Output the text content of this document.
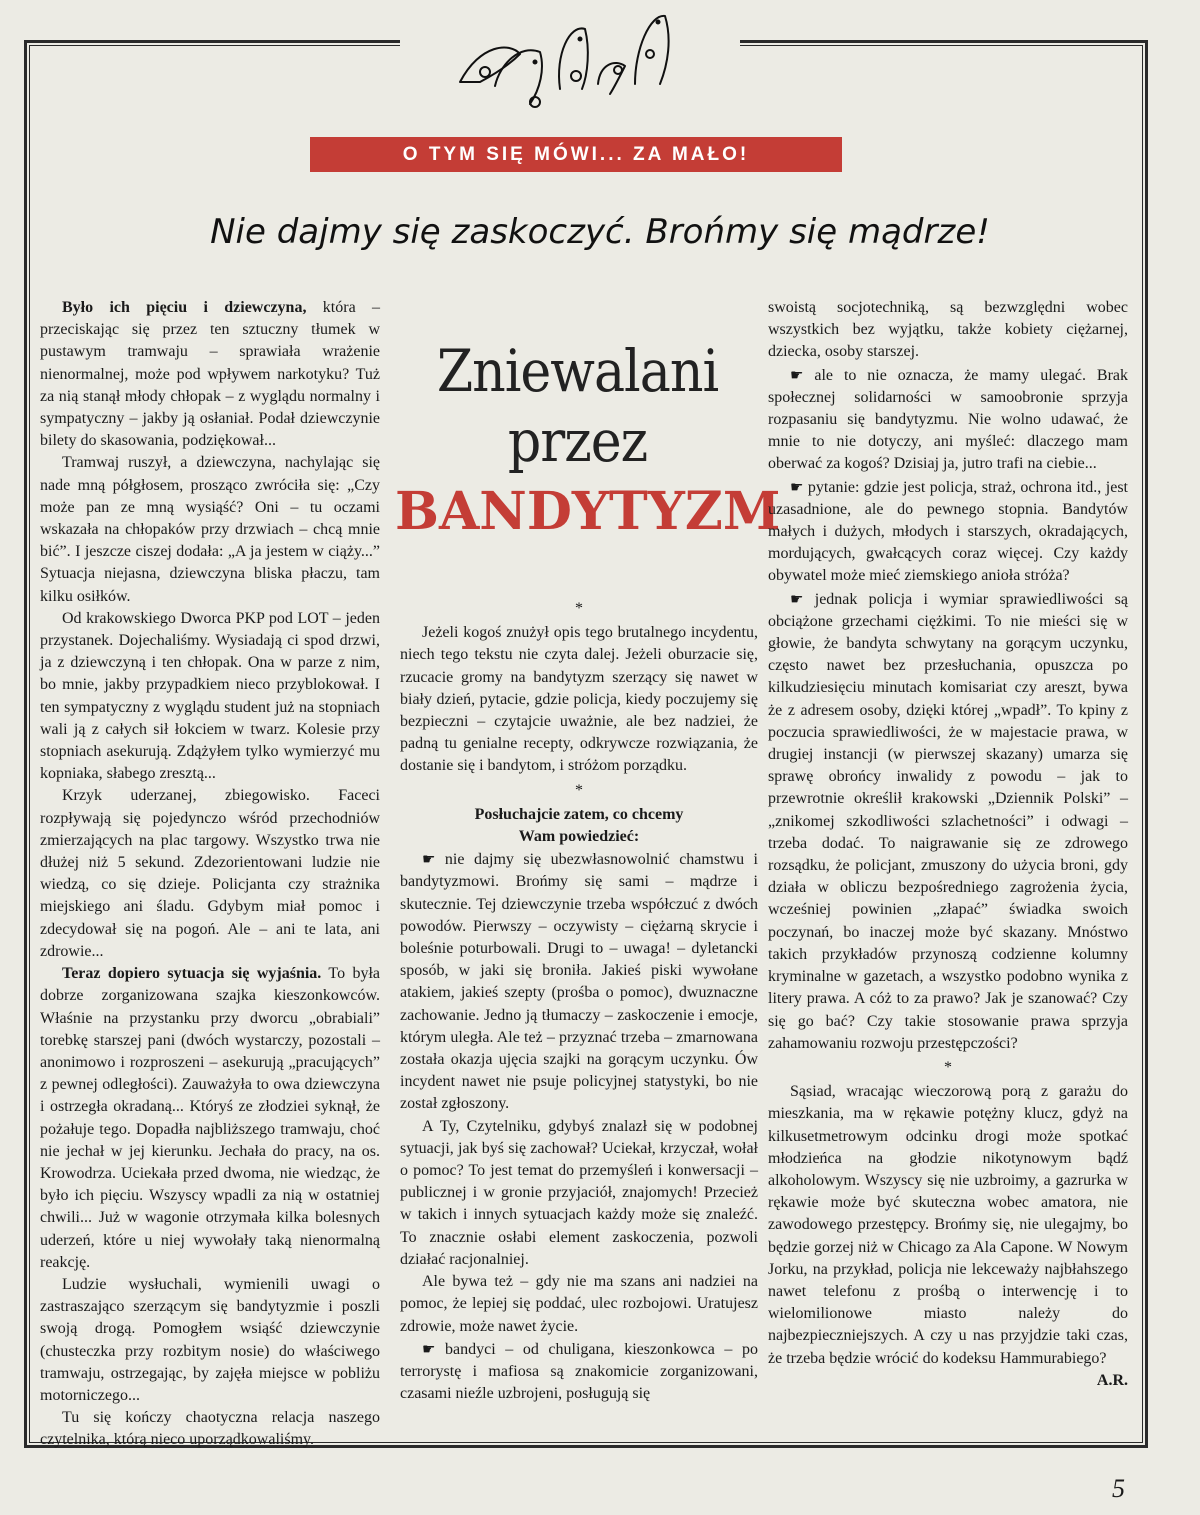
O TYM SIĘ MÓWI... ZA MAŁO!
Nie dajmy się zaskoczyć. Brońmy się mądrze!

Było ich pięciu i dziewczyna, która – przeciskając się przez ten sztuczny tłumek w pustawym tramwaju – sprawiała wrażenie nienormalnej, może pod wpływem narkotyku? Tuż za nią stanął młody chłopak – z wyglądu normalny i sympatyczny – jakby ją osłaniał. Podał dziewczynie bilety do skasowania, podziękował...

Tramwaj ruszył, a dziewczyna, nachylając się nade mną półgłosem, prosząco zwróciła się: „Czy może pan ze mną wysiąść? Oni – tu oczami wskazała na chłopaków przy drzwiach – chcą mnie bić”. I jeszcze ciszej dodała: „A ja jestem w ciąży...” Sytuacja niejasna, dziewczyna bliska płaczu, tam kilku osiłków.

Od krakowskiego Dworca PKP pod LOT – jeden przystanek. Dojechaliśmy. Wysiadają ci spod drzwi, ja z dziewczyną i ten chłopak. Ona w parze z nim, bo mnie, jakby przypadkiem nieco przyblokował. I ten sympatyczny z wyglądu student już na stopniach wali ją z całych sił łokciem w twarz. Kolesie przy stopniach asekurują. Zdążyłem tylko wymierzyć mu kopniaka, słabego zresztą...

Krzyk uderzanej, zbiegowisko. Faceci rozpływają się pojedynczo wśród przechodniów zmierzających na plac targowy. Wszystko trwa nie dłużej niż 5 sekund. Zdezorientowani ludzie nie wiedzą, co się dzieje. Policjanta czy strażnika miejskiego ani śladu. Gdybym miał pomoc i zdecydował się na pogoń. Ale – ani te lata, ani zdrowie...

Teraz dopiero sytuacja się wyjaśnia. To była dobrze zorganizowana szajka kieszonkowców. Właśnie na przystanku przy dworcu „obrabiali” torebkę starszej pani (dwóch wystarczy, pozostali – anonimowo i rozproszeni – asekurują „pracujących” z pewnej odległości). Zauważyła to owa dziewczyna i ostrzegła okradaną... Któryś ze złodziei syknął, że pożałuje tego. Dopadła najbliższego tramwaju, choć nie jechał w jej kierunku. Jechała do pracy, na os. Krowodrza. Uciekała przed dwoma, nie wiedząc, że było ich pięciu. Wszyscy wpadli za nią w ostatniej chwili... Już w wagonie otrzymała kilka bolesnych uderzeń, które u niej wywołały taką nienormalną reakcję.

Ludzie wysłuchali, wymienili uwagi o zastraszająco szerzącym się bandytyzmie i poszli swoją drogą. Pomogłem wsiąść dziewczynie (chusteczka przy rozbitym nosie) do właściwego tramwaju, ostrzegając, by zajęła miejsce w pobliżu motorniczego...

Tu się kończy chaotyczna relacja naszego czytelnika, którą nieco uporządkowaliśmy.

Zniewalani
przez
BANDYTYZM

*

Jeżeli kogoś znużył opis tego brutalnego incydentu, niech tego tekstu nie czyta dalej. Jeżeli oburzacie się, rzucacie gromy na bandytyzm szerzący się nawet w biały dzień, pytacie, gdzie policja, kiedy poczujemy się bezpieczni – czytajcie uważnie, ale bez nadziei, że padną tu genialne recepty, odkrywcze rozwiązania, że dostanie się i bandytom, i stróżom porządku.

*

Posłuchajcie zatem, co chcemy

Wam powiedzieć:

☛ nie dajmy się ubezwłasnowolnić chamstwu i bandytyzmowi. Brońmy się sami – mądrze i skutecznie. Tej dziewczynie trzeba współczuć z dwóch powodów. Pierwszy – oczywisty – ciężarną skrycie i boleśnie poturbowali. Drugi to – uwaga! – dyletancki sposób, w jaki się broniła. Jakieś piski wywołane atakiem, jakieś szepty (prośba o pomoc), dwuznaczne zachowanie. Jedno ją tłumaczy – zaskoczenie i emocje, którym uległa. Ale też – przyznać trzeba – zmarnowana została okazja ujęcia szajki na gorącym uczynku. Ów incydent nawet nie psuje policyjnej statystyki, bo nie został zgłoszony.

A Ty, Czytelniku, gdybyś znalazł się w podobnej sytuacji, jak byś się zachował? Uciekał, krzyczał, wołał o pomoc? To jest temat do przemyśleń i konwersacji – publicznej i w gronie przyjaciół, znajomych! Przecież w takich i innych sytuacjach każdy może się znaleźć. To znacznie osłabi element zaskoczenia, pozwoli działać racjonalniej.

Ale bywa też – gdy nie ma szans ani nadziei na pomoc, że lepiej się poddać, ulec rozbojowi. Uratujesz zdrowie, może nawet życie.

☛ bandyci – od chuligana, kieszonkowca – po terrorystę i mafiosa są znakomicie zorganizowani, czasami nieźle uzbrojeni, posługują się

swoistą socjotechniką, są bezwzględni wobec wszystkich bez wyjątku, także kobiety ciężarnej, dziecka, osoby starszej.

☛ ale to nie oznacza, że mamy ulegać. Brak społecznej solidarności w samoobronie sprzyja rozpasaniu się bandytyzmu. Nie wolno udawać, że mnie to nie dotyczy, ani myśleć: dlaczego mam oberwać za kogoś? Dzisiaj ja, jutro trafi na ciebie...

☛ pytanie: gdzie jest policja, straż, ochrona itd., jest uzasadnione, ale do pewnego stopnia. Bandytów małych i dużych, młodych i starszych, okradających, mordujących, gwałcących coraz więcej. Czy każdy obywatel może mieć ziemskiego anioła stróża?

☛ jednak policja i wymiar sprawiedliwości są obciążone grzechami ciężkimi. To nie mieści się w głowie, że bandyta schwytany na gorącym uczynku, często nawet bez przesłuchania, opuszcza po kilkudziesięciu minutach komisariat czy areszt, bywa że z adresem osoby, dzięki której „wpadł”. To kpiny z poczucia sprawiedliwości, że w majestacie prawa, w drugiej instancji (w pierwszej skazany) umarza się sprawę obrońcy inwalidy z powodu – jak to przewrotnie określił krakowski „Dziennik Polski” – „znikomej szkodliwości szlachetności” i odwagi – trzeba dodać. To naigrawanie się ze zdrowego rozsądku, że policjant, zmuszony do użycia broni, gdy działa w obliczu bezpośredniego zagrożenia życia, wcześniej powinien „złapać” świadka swoich poczynań, bo inaczej może być skazany. Mnóstwo takich przykładów przynoszą codzienne kolumny kryminalne w gazetach, a wszystko podobno wynika z litery prawa. A cóż to za prawo? Jak je szanować? Czy się go bać? Czy takie stosowanie prawa sprzyja zahamowaniu rozwoju przestępczości?

*

Sąsiad, wracając wieczorową porą z garażu do mieszkania, ma w rękawie potężny klucz, gdyż na kilkusetmetrowym odcinku drogi może spotkać młodzieńca na głodzie nikotynowym bądź alkoholowym. Wszyscy się nie uzbroimy, a gazrurka w rękawie może być skuteczna wobec amatora, nie zawodowego przestępcy. Brońmy się, nie ulegajmy, bo będzie gorzej niż w Chicago za Ala Capone. W Nowym Jorku, na przykład, policja nie lekceważy najbłahszego nawet telefonu z prośbą o interwencję i to wielomilionowe miasto należy do najbezpieczniejszych. A czy u nas przyjdzie taki czas, że trzeba będzie wrócić do kodeksu Hammurabiego?

A.R.

5
